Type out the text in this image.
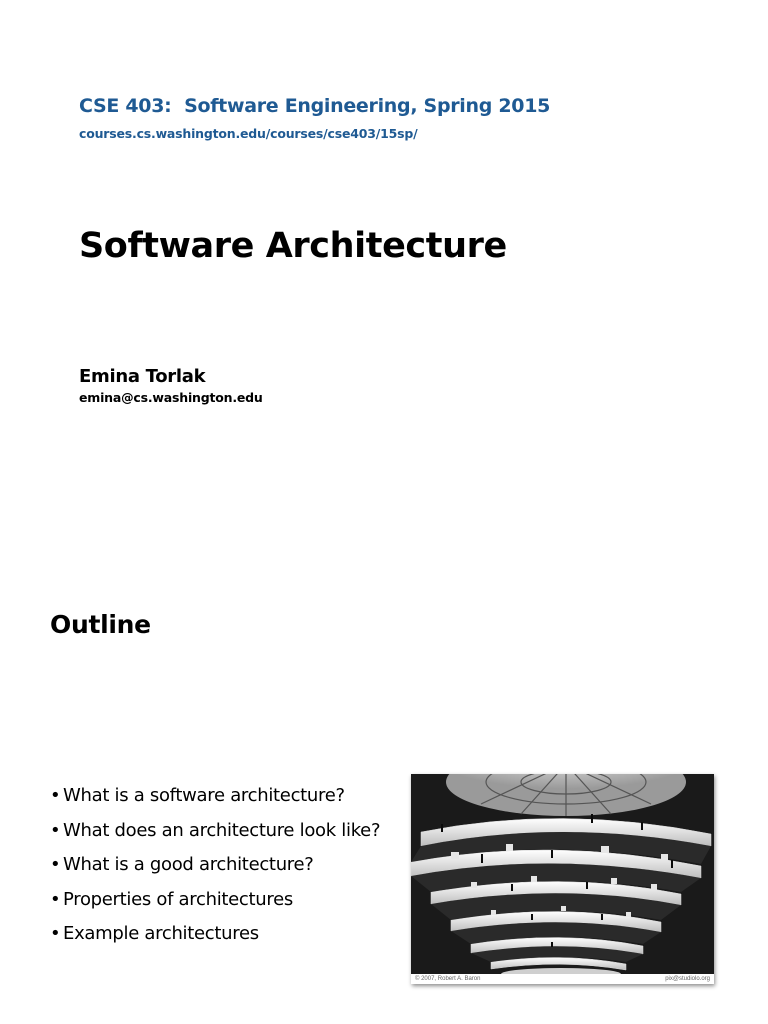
CSE 403:  Software Engineering, Spring 2015
courses.cs.washington.edu/courses/cse403/15sp/
Software Architecture
Emina Torlak
emina@cs.washington.edu
Outline
• What is a software architecture?
• What does an architecture look like?
• What is a good architecture?
• Properties of architectures
• Example architectures
© 2007, Robert A. Baron	pix@studiolo.org
